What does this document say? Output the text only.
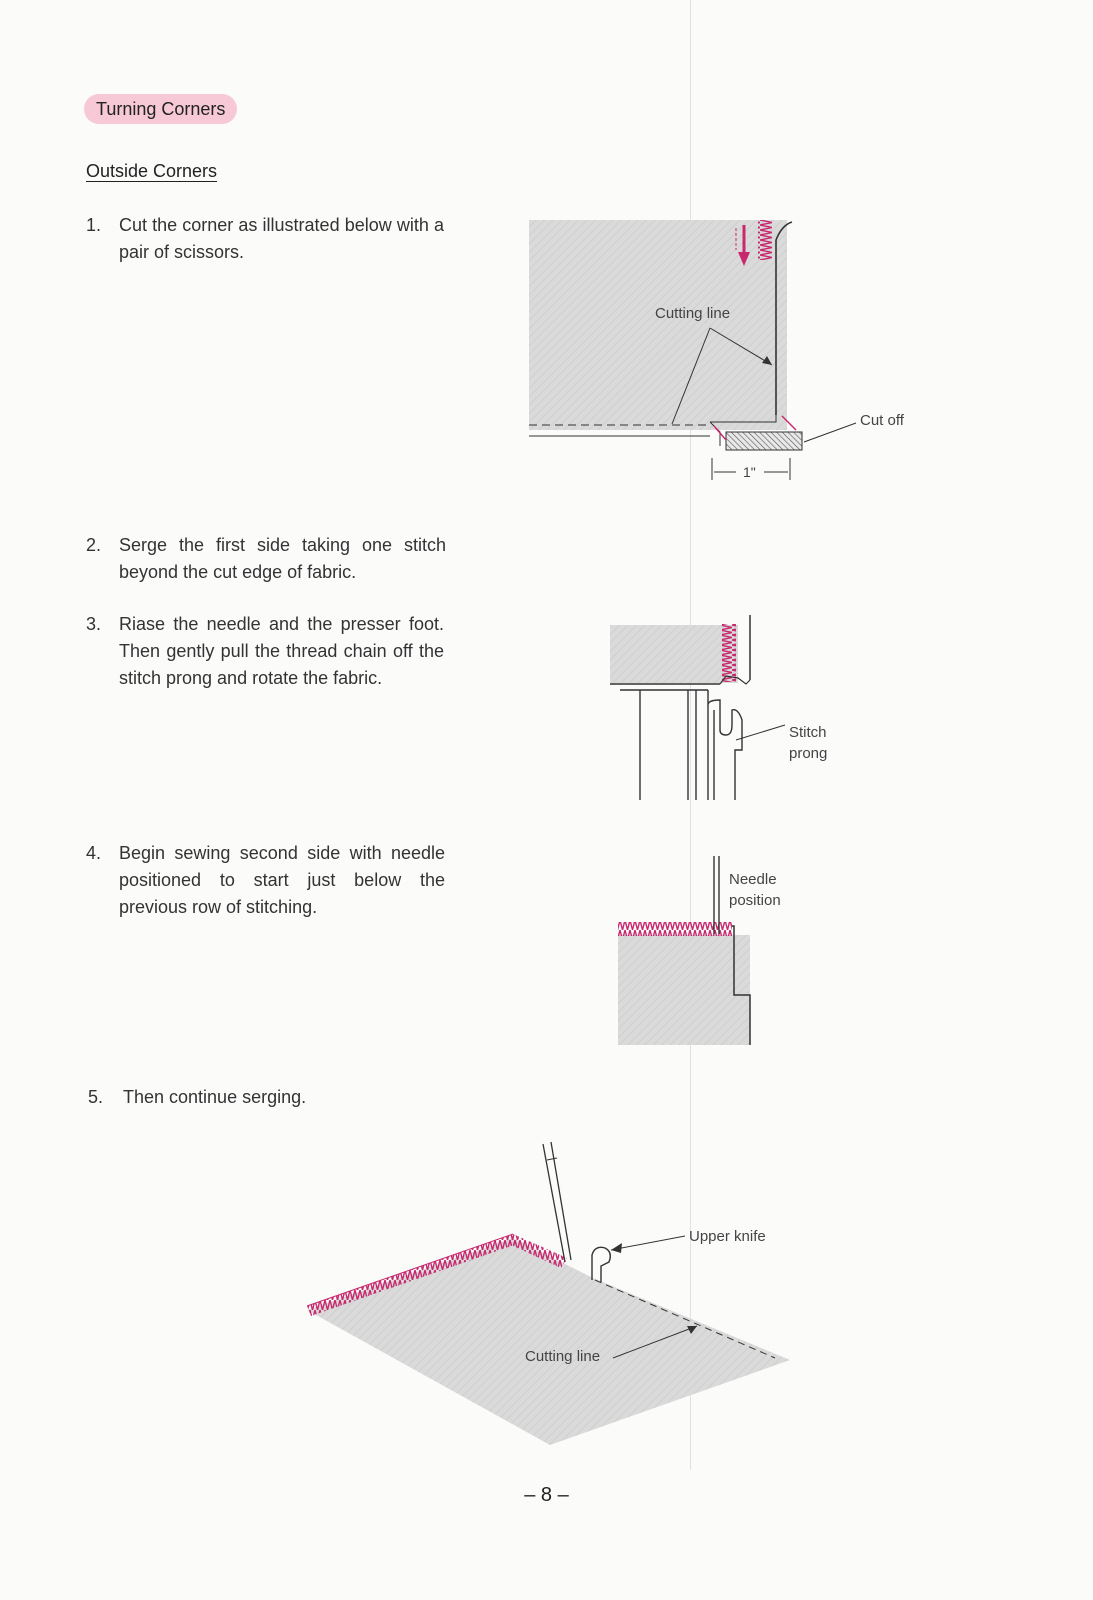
Turning Corners
Outside Corners
1. Cut the corner as illustrated below with a pair of scissors.
2. Serge the first side taking one stitch beyond the cut edge of fabric.
3. Riase the needle and the presser foot. Then gently pull the thread chain off the stitch prong and rotate the fabric.
4. Begin sewing second side with needle positioned to start just below the previous row of stitching.
5. Then continue serging.
Cutting line
Cut off
1"
Stitch
prong
Needle
position
Upper knife
Cutting line
– 8 –
